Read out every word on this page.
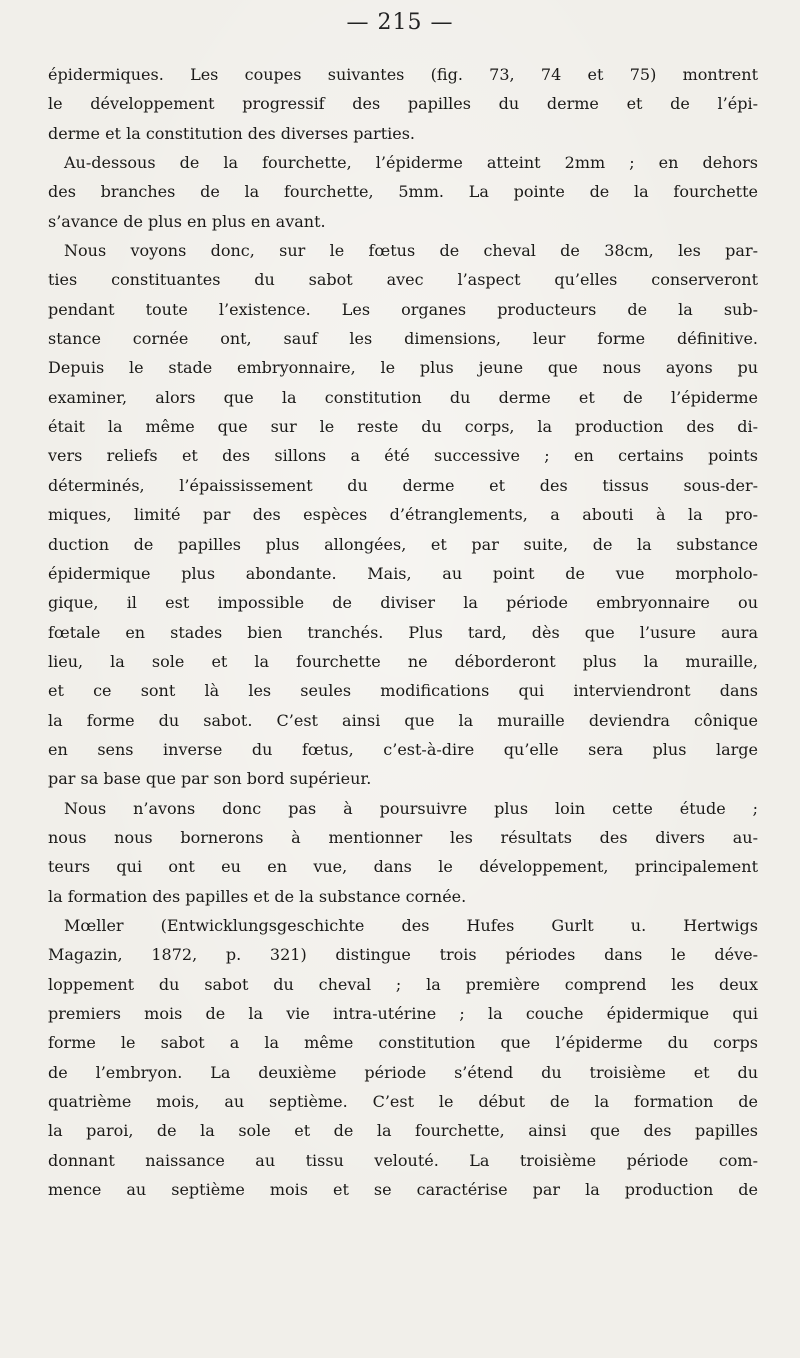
— 215 —
épidermiques. Les coupes suivantes (fig. 73, 74 et 75) montrent
le développement progressif des papilles du derme et de l’épi-
derme et la constitution des diverses parties.
Au-dessous de la fourchette, l’épiderme atteint 2mm ; en dehors
des branches de la fourchette, 5mm. La pointe de la fourchette
s’avance de plus en plus en avant.
Nous voyons donc, sur le fœtus de cheval de 38cm, les par-
ties constituantes du sabot avec l’aspect qu’elles conserveront
pendant toute l’existence. Les organes producteurs de la sub-
stance cornée ont, sauf les dimensions, leur forme définitive.
Depuis le stade embryonnaire, le plus jeune que nous ayons pu
examiner, alors que la constitution du derme et de l’épiderme
était la même que sur le reste du corps, la production des di-
vers reliefs et des sillons a été successive ; en certains points
déterminés, l’épaississement du derme et des tissus sous-der-
miques, limité par des espèces d’étranglements, a abouti à la pro-
duction de papilles plus allongées, et par suite, de la substance
épidermique plus abondante. Mais, au point de vue morpholo-
gique, il est impossible de diviser la période embryonnaire ou
fœtale en stades bien tranchés. Plus tard, dès que l’usure aura
lieu, la sole et la fourchette ne déborderont plus la muraille,
et ce sont là les seules modifications qui interviendront dans
la forme du sabot. C’est ainsi que la muraille deviendra cônique
en sens inverse du fœtus, c’est-à-dire qu’elle sera plus large
par sa base que par son bord supérieur.
Nous n’avons donc pas à poursuivre plus loin cette étude ;
nous nous bornerons à mentionner les résultats des divers au-
teurs qui ont eu en vue, dans le développement, principalement
la formation des papilles et de la substance cornée.
Mœller (Entwicklungsgeschichte des Hufes Gurlt u. Hertwigs
Magazin, 1872, p. 321) distingue trois périodes dans le déve-
loppement du sabot du cheval ; la première comprend les deux
premiers mois de la vie intra-utérine ; la couche épidermique qui
forme le sabot a la même constitution que l’épiderme du corps
de l’embryon. La deuxième période s’étend du troisième et du
quatrième mois, au septième. C’est le début de la formation de
la paroi, de la sole et de la fourchette, ainsi que des papilles
donnant naissance au tissu velouté. La troisième période com-
mence au septième mois et se caractérise par la production de
